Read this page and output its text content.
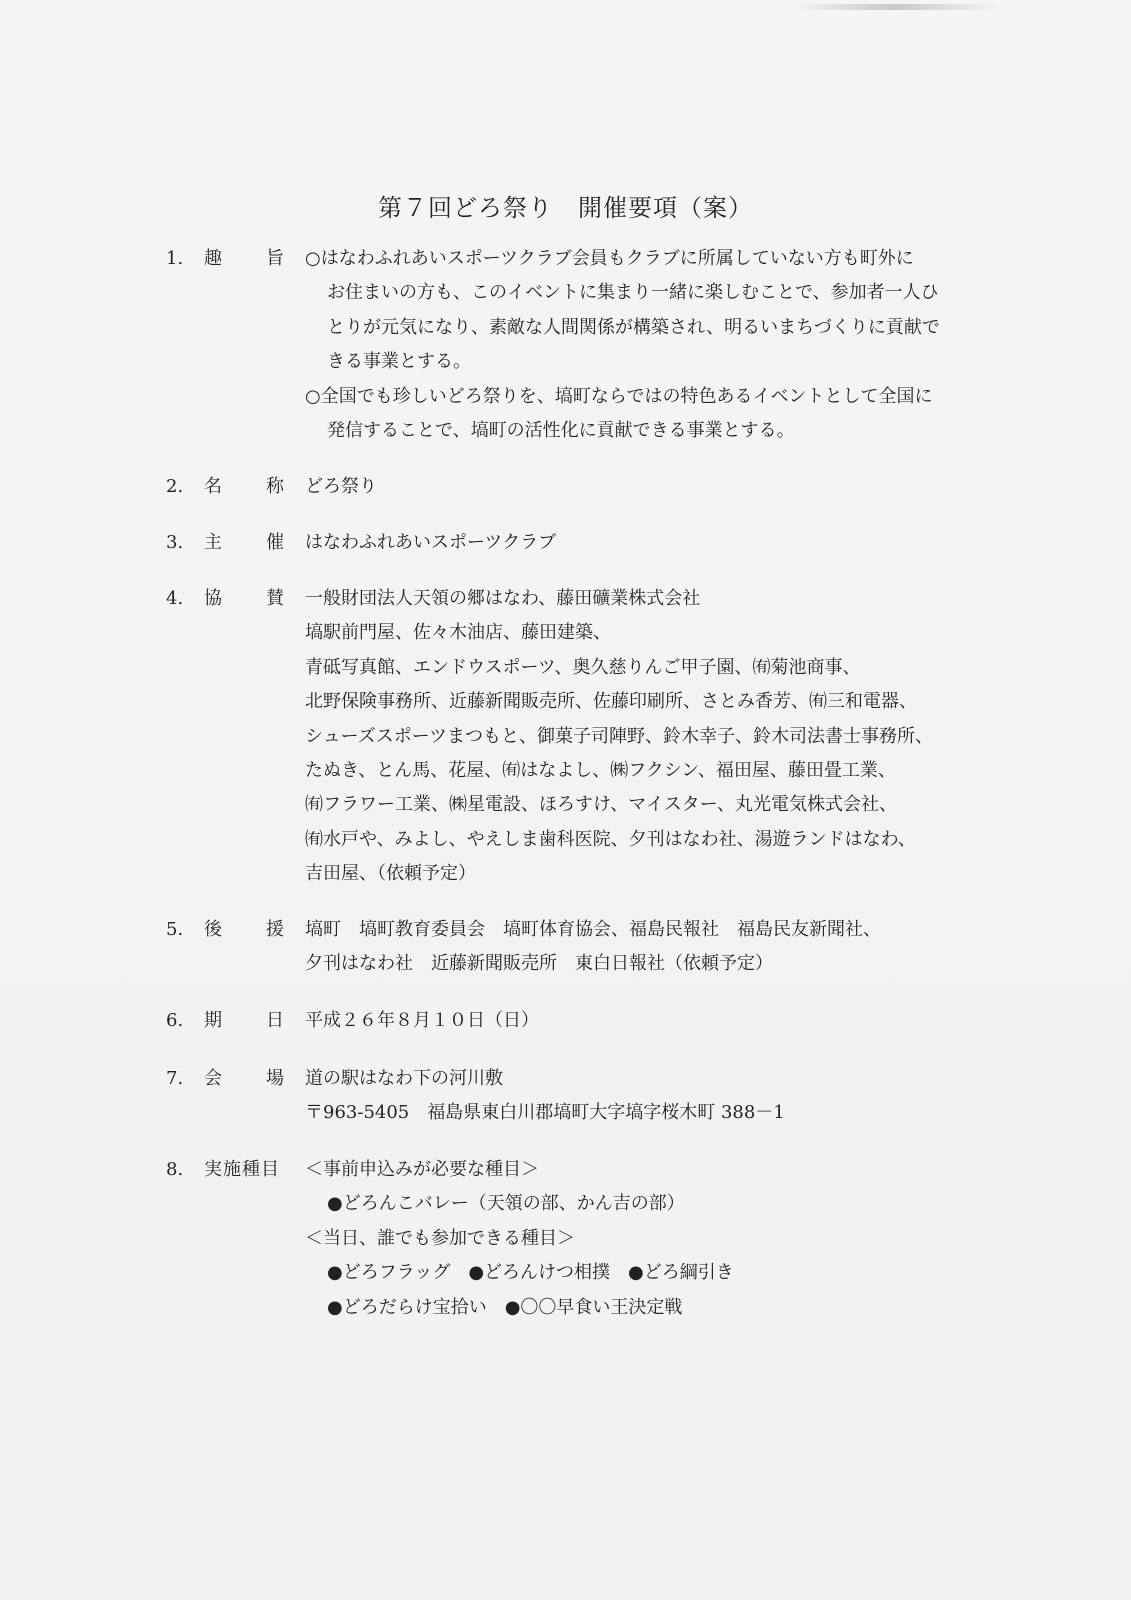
第７回どろ祭り　開催要項（案）
1.	趣 旨 ○はなわふれあいスポーツクラブ会員もクラブに所属していない方も町外に
お住まいの方も、このイベントに集まり一緒に楽しむことで、参加者一人ひ
とりが元気になり、素敵な人間関係が構築され、明るいまちづくりに貢献で
きる事業とする。
○全国でも珍しいどろ祭りを、塙町ならではの特色あるイベントとして全国に
発信することで、塙町の活性化に貢献できる事業とする。
2.	名 称 どろ祭り
3.	主 催 はなわふれあいスポーツクラブ
4.	協 賛 一般財団法人天領の郷はなわ、藤田礦業株式会社
塙駅前門屋、佐々木油店、藤田建築、
青砥写真館、エンドウスポーツ、奥久慈りんご甲子園、㈲菊池商事、
北野保険事務所、近藤新聞販売所、佐藤印刷所、さとみ香芳、㈲三和電器、
シューズスポーツまつもと、御菓子司陣野、鈴木幸子、鈴木司法書士事務所、
たぬき、とん馬、花屋、㈲はなよし、㈱フクシン、福田屋、藤田畳工業、
㈲フラワー工業、㈱星電設、ほろすけ、マイスター、丸光電気株式会社、
㈲水戸や、みよし、やえしま歯科医院、夕刊はなわ社、湯遊ランドはなわ、
吉田屋、（依頼予定）
5.	後 援 塙町　塙町教育委員会　塙町体育協会、福島民報社　福島民友新聞社、
夕刊はなわ社　近藤新聞販売所　東白日報社（依頼予定）
6.	期 日 平成２６年８月１０日（日）
7.	会 場 道の駅はなわ下の河川敷
〒963-5405　福島県東白川郡塙町大字塙字桜木町 388－1
8.	実施種目 ＜事前申込みが必要な種目＞
●どろんこバレー（天領の部、かん吉の部）
＜当日、誰でも参加できる種目＞
●どろフラッグ　●どろんけつ相撲　●どろ綱引き
●どろだらけ宝拾い　●〇〇早食い王決定戦
